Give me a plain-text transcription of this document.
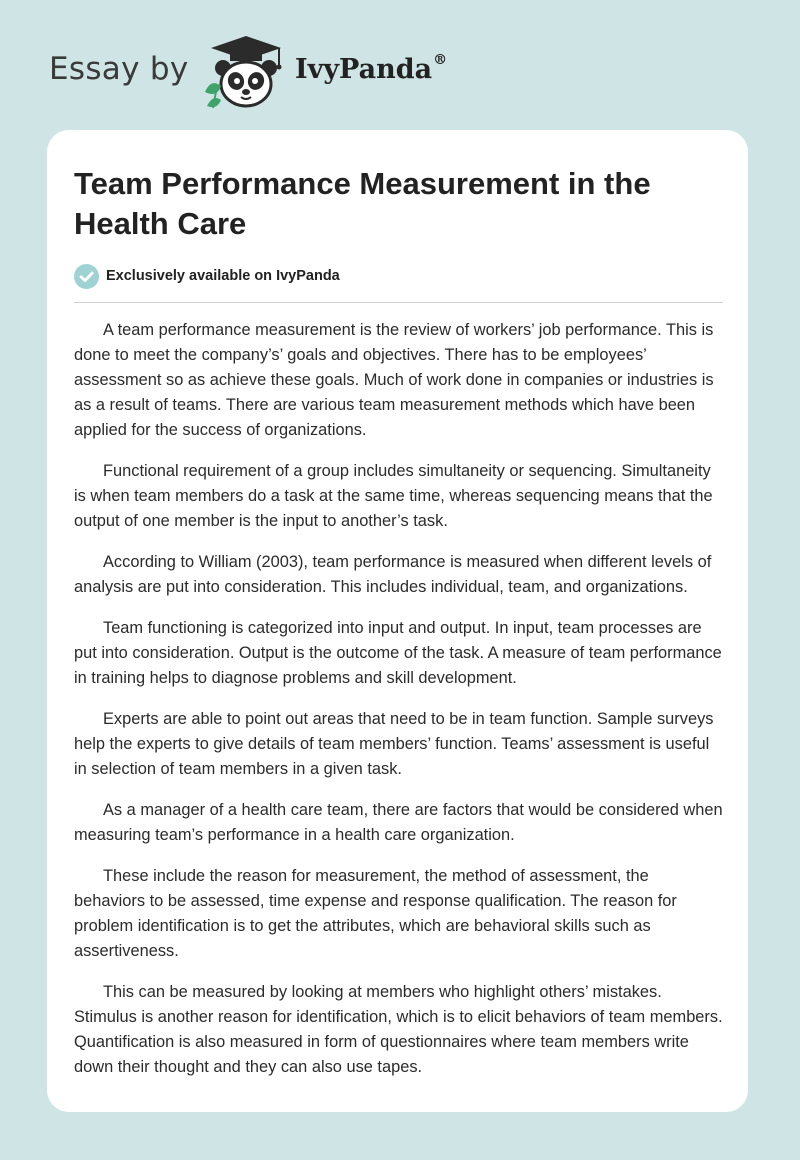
Essay by	IvyPanda®
Team Performance Measurement in the Health Care
Exclusively available on IvyPanda

A team performance measurement is the review of workers’ job performance. This is done to meet the company’s’ goals and objectives. There has to be employees’ assessment so as achieve these goals. Much of work done in companies or industries is as a result of teams. There are various team measurement methods which have been applied for the success of organizations.

Functional requirement of a group includes simultaneity or sequencing. Simultaneity is when team members do a task at the same time, whereas sequencing means that the output of one member is the input to another’s task.

According to William (2003), team performance is measured when different levels of analysis are put into consideration. This includes individual, team, and organizations.

Team functioning is categorized into input and output. In input, team processes are put into consideration. Output is the outcome of the task. A measure of team performance in training helps to diagnose problems and skill development.

Experts are able to point out areas that need to be in team function. Sample surveys help the experts to give details of team members’ function. Teams’ assessment is useful in selection of team members in a given task.

As a manager of a health care team, there are factors that would be considered when measuring team’s performance in a health care organization.

These include the reason for measurement, the method of assessment, the behaviors to be assessed, time expense and response qualification. The reason for problem identification is to get the attributes, which are behavioral skills such as assertiveness.

This can be measured by looking at members who highlight others’ mistakes. Stimulus is another reason for identification, which is to elicit behaviors of team members. Quantification is also measured in form of questionnaires where team members write down their thought and they can also use tapes.
